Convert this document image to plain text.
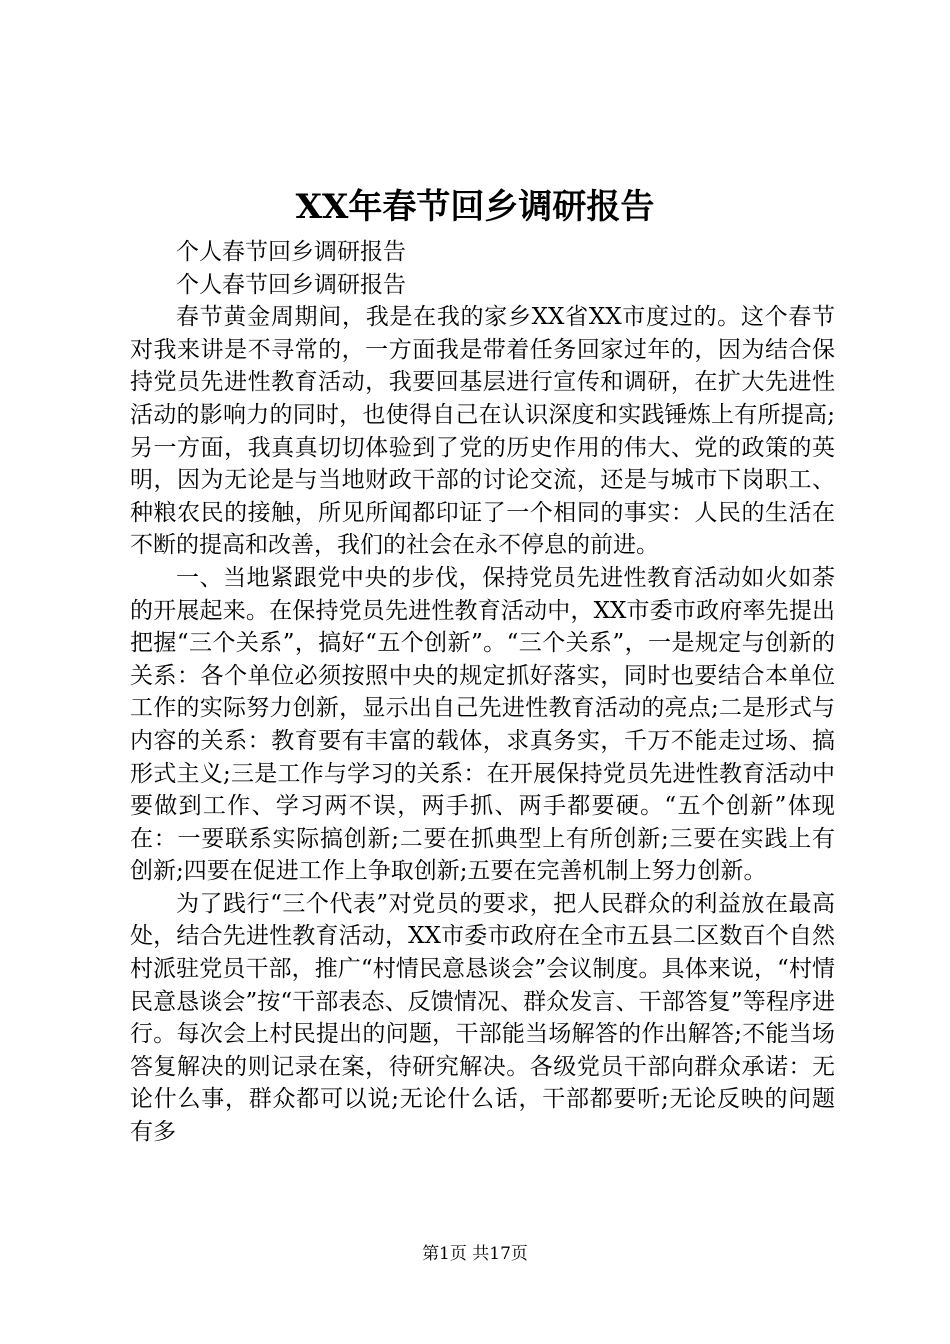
XX年春节回乡调研报告

个人春节回乡调研报告

个人春节回乡调研报告

春节黄金周期间，我是在我的家乡XX省XX市度过的。这个春节对我来讲是不寻常的，一方面我是带着任务回家过年的，因为结合保持党员先进性教育活动，我要回基层进行宣传和调研，在扩大先进性活动的影响力的同时，也使得自己在认识深度和实践锤炼上有所提高;另一方面，我真真切切体验到了党的历史作用的伟大、党的政策的英明，因为无论是与当地财政干部的讨论交流，还是与城市下岗职工、种粮农民的接触，所见所闻都印证了一个相同的事实：人民的生活在不断的提高和改善，我们的社会在永不停息的前进。

一、当地紧跟党中央的步伐，保持党员先进性教育活动如火如荼的开展起来。在保持党员先进性教育活动中，XX市委市政府率先提出把握“三个关系”，搞好“五个创新”。“三个关系”，一是规定与创新的关系：各个单位必须按照中央的规定抓好落实，同时也要结合本单位工作的实际努力创新，显示出自己先进性教育活动的亮点;二是形式与内容的关系：教育要有丰富的载体，求真务实，千万不能走过场、搞形式主义;三是工作与学习的关系：在开展保持党员先进性教育活动中要做到工作、学习两不误，两手抓、两手都要硬。“五个创新”体现在：一要联系实际搞创新;二要在抓典型上有所创新;三要在实践上有创新;四要在促进工作上争取创新;五要在完善机制上努力创新。

为了践行“三个代表”对党员的要求，把人民群众的利益放在最高处，结合先进性教育活动，XX市委市政府在全市五县二区数百个自然村派驻党员干部，推广“村情民意恳谈会”会议制度。具体来说，“村情民意恳谈会”按“干部表态、反馈情况、群众发言、干部答复”等程序进行。每次会上村民提出的问题，干部能当场解答的作出解答;不能当场答复解决的则记录在案，待研究解决。各级党员干部向群众承诺：无论什么事，群众都可以说;无论什么话，干部都要听;无论反映的问题有多

第1页 共17页
